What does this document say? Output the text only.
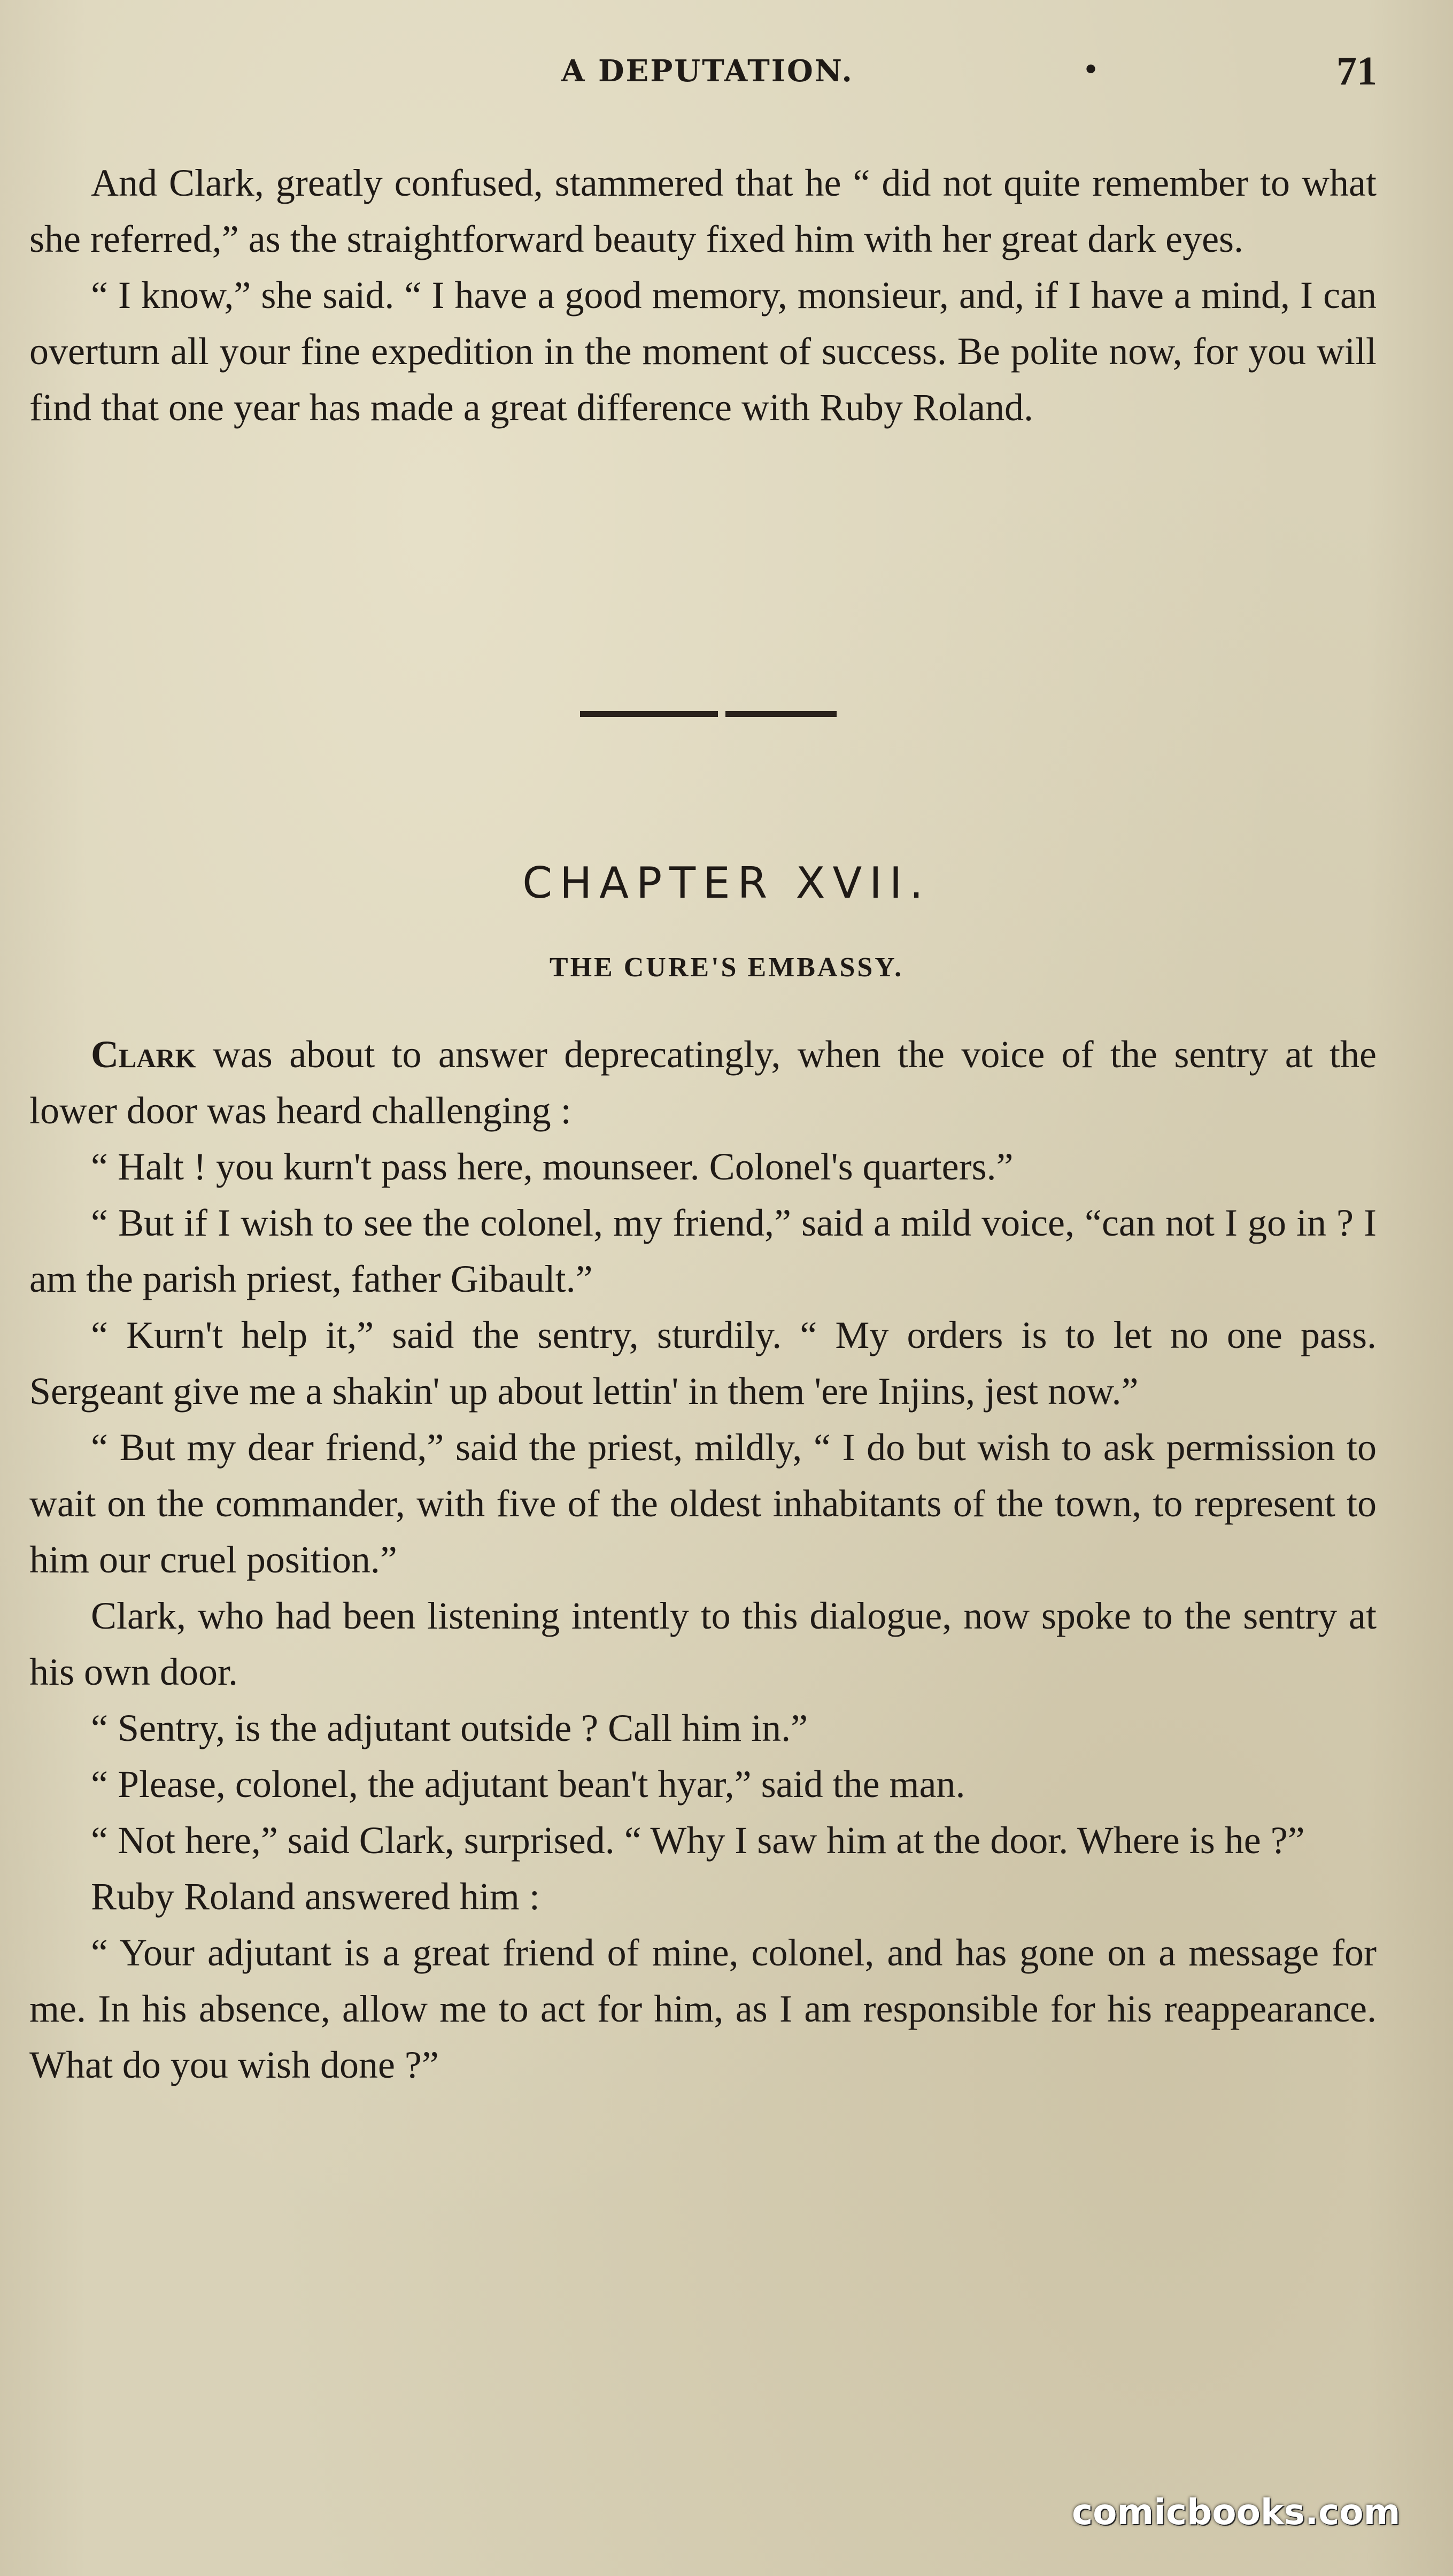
A DEPUTATION.	•	71

And Clark, greatly confused, stammered that he “ did not quite remember to what she referred,” as the straightforward beauty fixed him with her great dark eyes.

“ I know,” she said. “ I have a good memory, monsieur, and, if I have a mind, I can overturn all your fine expedition in the moment of success. Be polite now, for you will find that one year has made a great difference with Ruby Roland.

CHAPTER XVII.
THE CURE'S EMBASSY.

Clark was about to answer deprecatingly, when the voice of the sentry at the lower door was heard challenging :

“ Halt ! you kurn't pass here, mounseer. Colonel's quarters.”

“ But if I wish to see the colonel, my friend,” said a mild voice, “can not I go in ? I am the parish priest, father Gibault.”

“ Kurn't help it,” said the sentry, sturdily. “ My orders is to let no one pass. Sergeant give me a shakin' up about lettin' in them 'ere Injins, jest now.”

“ But my dear friend,” said the priest, mildly, “ I do but wish to ask permission to wait on the commander, with five of the oldest inhabitants of the town, to represent to him our cruel position.”

Clark, who had been listening intently to this dialogue, now spoke to the sentry at his own door.

“ Sentry, is the adjutant outside ? Call him in.”

“ Please, colonel, the adjutant bean't hyar,” said the man.

“ Not here,” said Clark, surprised. “ Why I saw him at the door. Where is he ?”

Ruby Roland answered him :

“ Your adjutant is a great friend of mine, colonel, and has gone on a message for me. In his absence, allow me to act for him, as I am responsible for his reappearance. What do you wish done ?”

comicbooks.com
